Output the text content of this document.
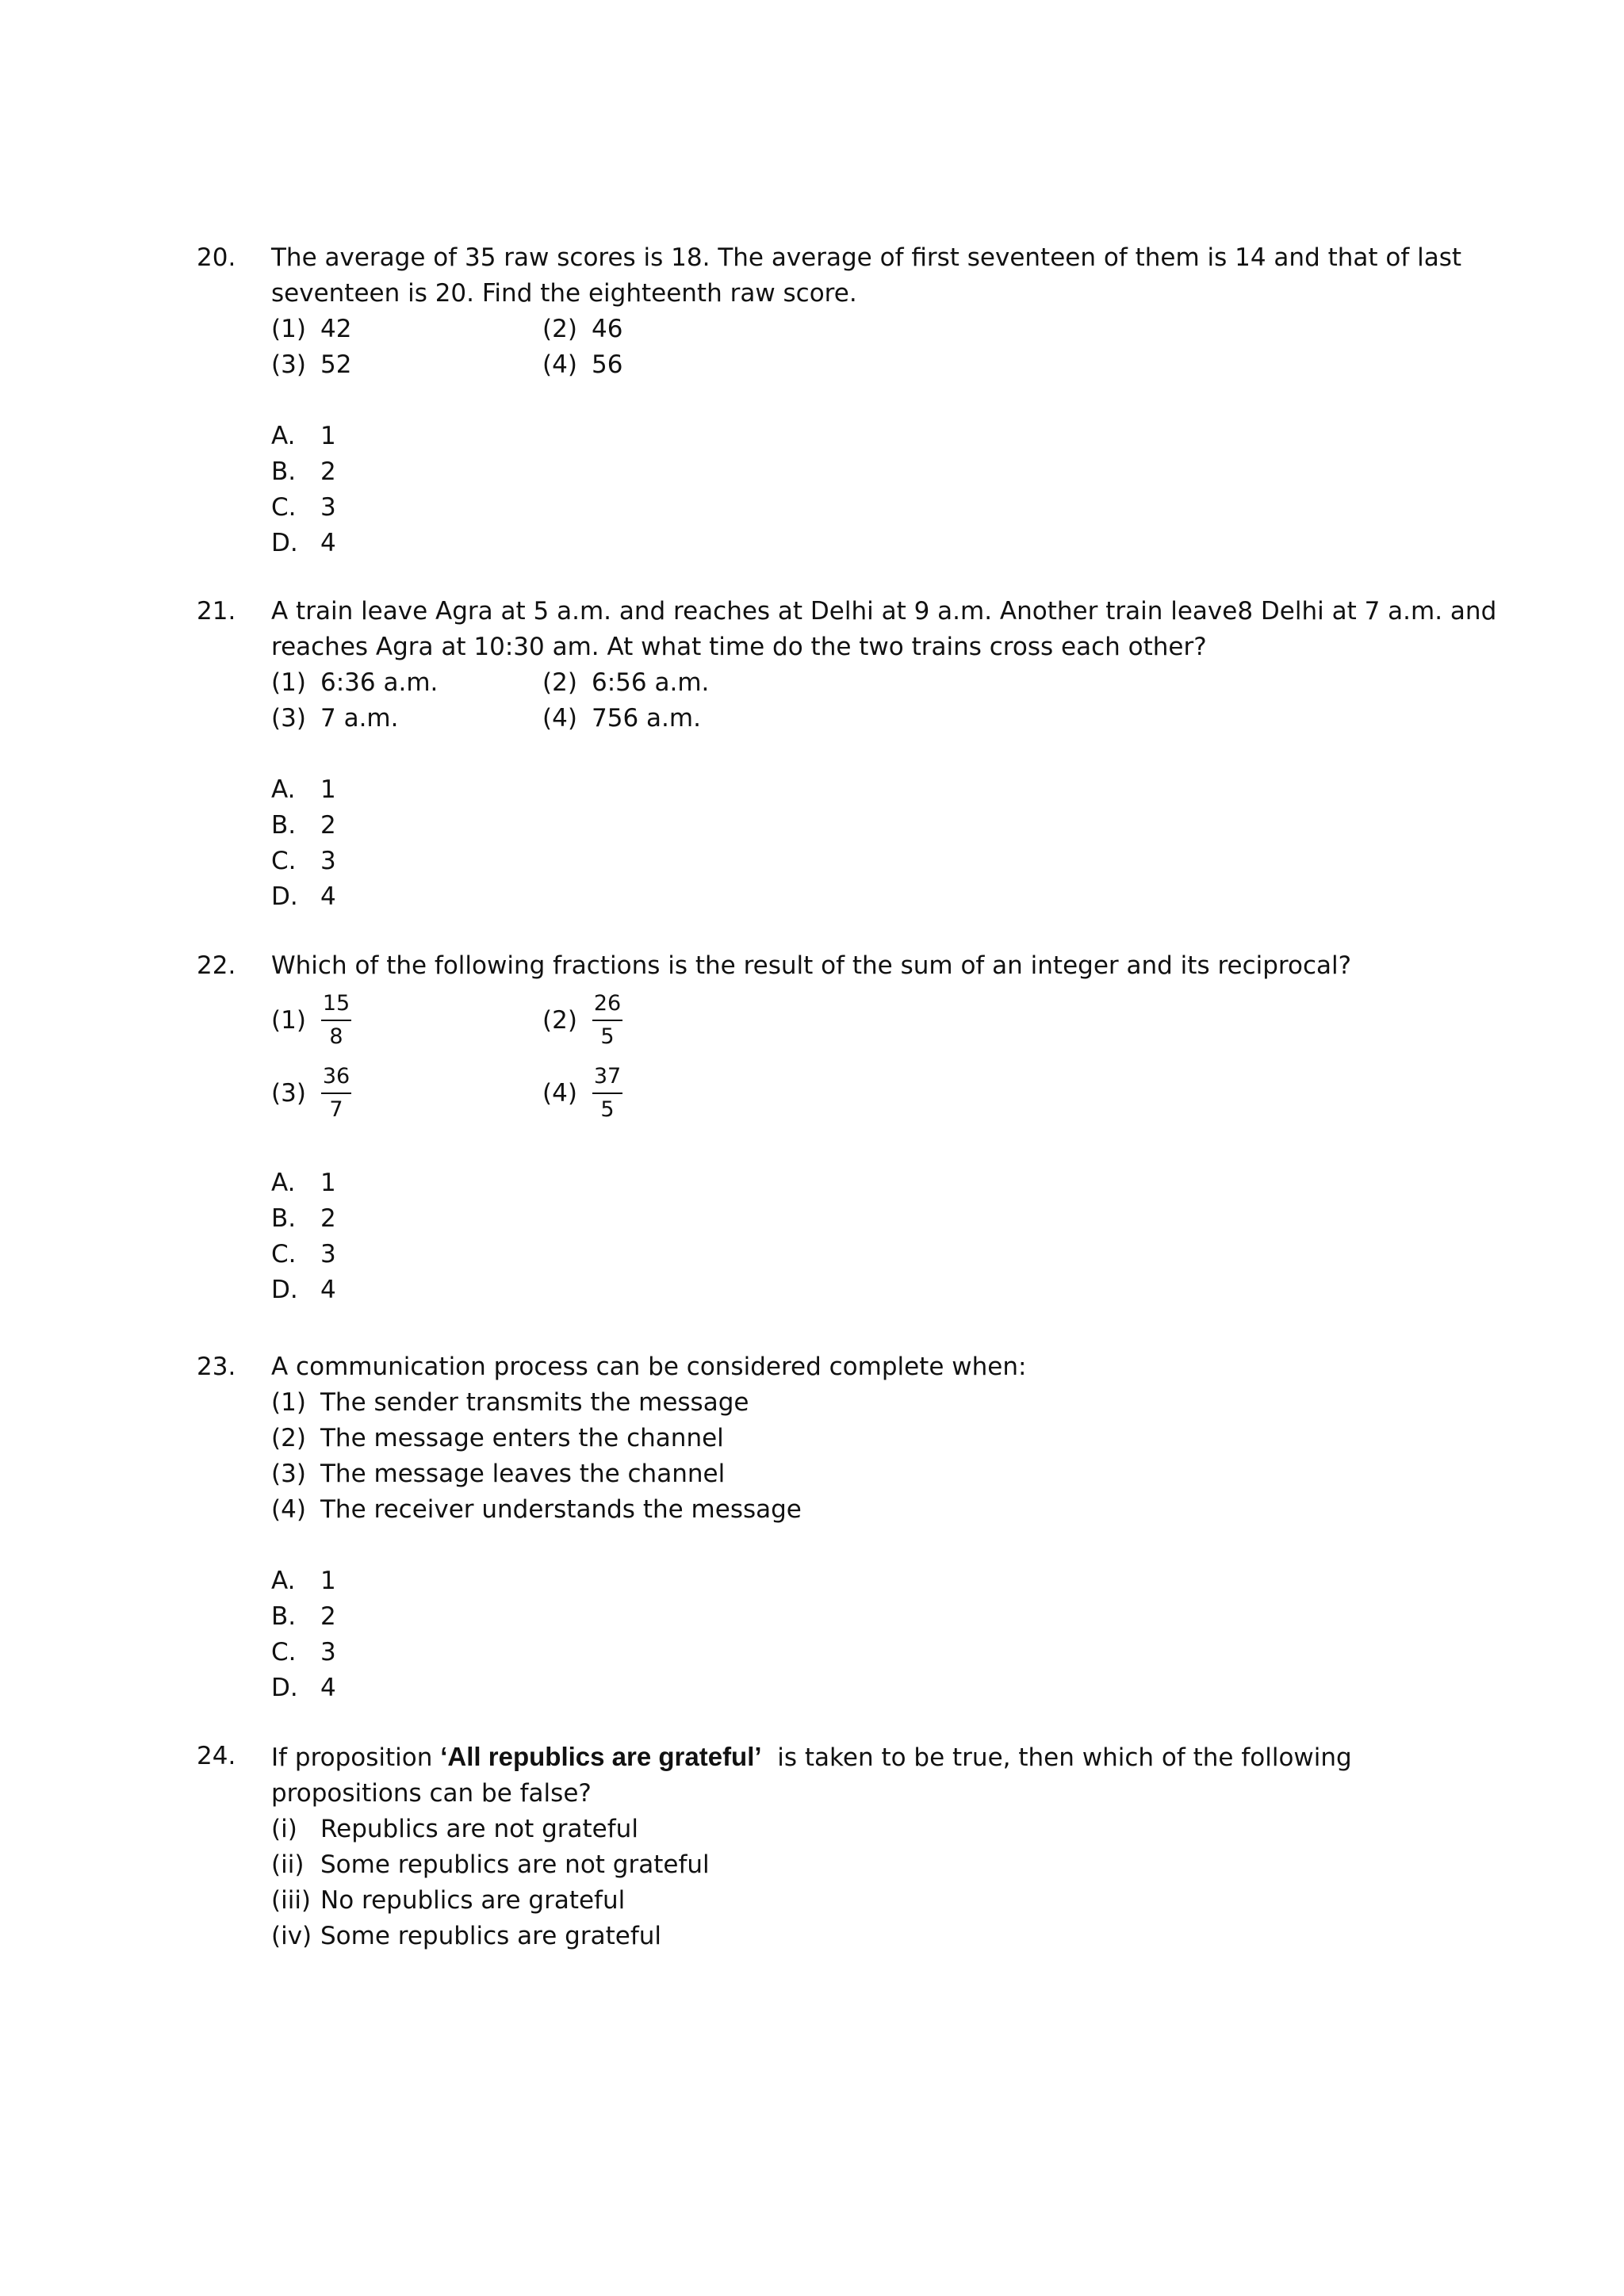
20.	The average of 35 raw scores is 18. The average of first seventeen of them is 14 and that of last seventeen is 20. Find the eighteenth raw score.

(1) 42	(2) 46
(3) 52	(4) 56
A.	1
B. 2
C. 3
D. 4
21.	A train leave Agra at 5 a.m. and reaches at Delhi at 9 a.m. Another train leave8 Delhi at 7 a.m. and reaches Agra at 10:30 am. At what time do the two trains cross each other?

(1) 6:36 a.m.	(2) 6:56 a.m.
(3) 7 a.m.	(4) 756 a.m.
A.	1
B. 2
C. 3
D. 4
22.	Which of the following fractions is the result of the sum of an integer and its reciprocal?

$(1) \frac{15}{8}$	$(2) \frac{26}{5}$
$(3) \frac{36}{7}$	$(4) \frac{37}{5}$
A.	1
B. 2
C. 3
D. 4
23.	A communication process can be considered complete when:

(1) The sender transmits the message
(2) The message enters the channel
(3) The message leaves the channel
(4) The receiver understands the message
A.	1
B. 2
C. 3
D. 4
24.	If proposition ‘All republics are grateful’  is taken to be true, then which of the following propositions can be false?

(i) Republics are not grateful
(ii) Some republics are not grateful
(iii) No republics are grateful
(iv) Some republics are grateful
